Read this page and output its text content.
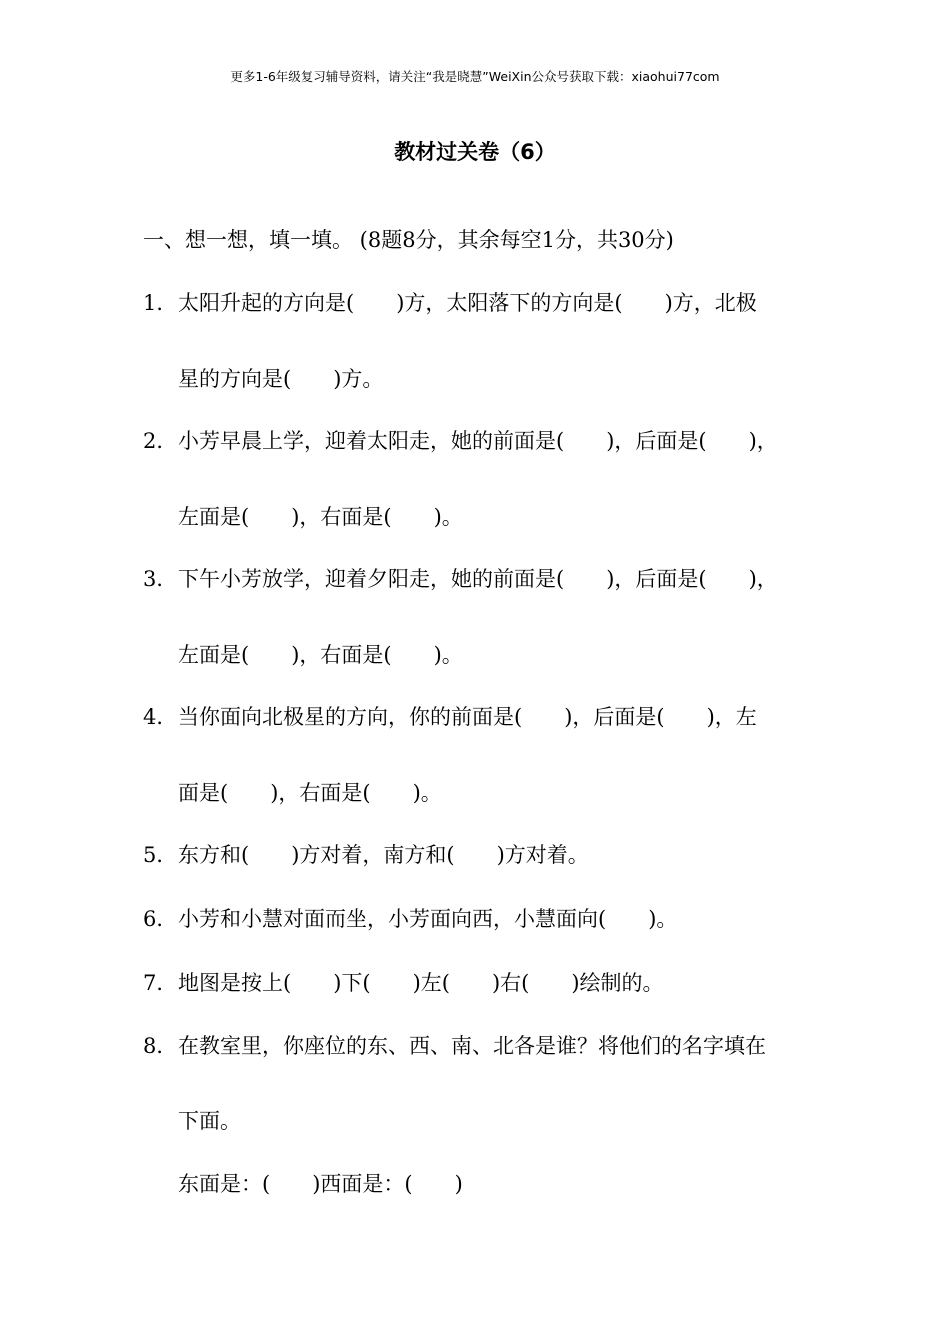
更多1-6年级复习辅导资料，请关注“我是晓慧”WeiXin公众号获取下载：xiaohui77com
教材过关卷（6）
一、想一想，填一填。 (8题8分，其余每空1分，共30分)
1． 太阳升起的方向是(　　)方，太阳落下的方向是(　　)方，北极
星的方向是(　　)方。
2． 小芳早晨上学，迎着太阳走，她的前面是(　　)，后面是(　　)，
左面是(　　)，右面是(　　)。
3． 下午小芳放学，迎着夕阳走，她的前面是(　　)，后面是(　　)，
左面是(　　)，右面是(　　)。
4． 当你面向北极星的方向，你的前面是(　　)，后面是(　　)，左
面是(　　)，右面是(　　)。
5． 东方和(　　)方对着，南方和(　　)方对着。
6． 小芳和小慧对面而坐，小芳面向西，小慧面向(　　)。
7． 地图是按上(　　)下(　　)左(　　)右(　　)绘制的。
8． 在教室里，你座位的东、西、南、北各是谁？将他们的名字填在
下面。
东面是：(　　)西面是：(　　)
